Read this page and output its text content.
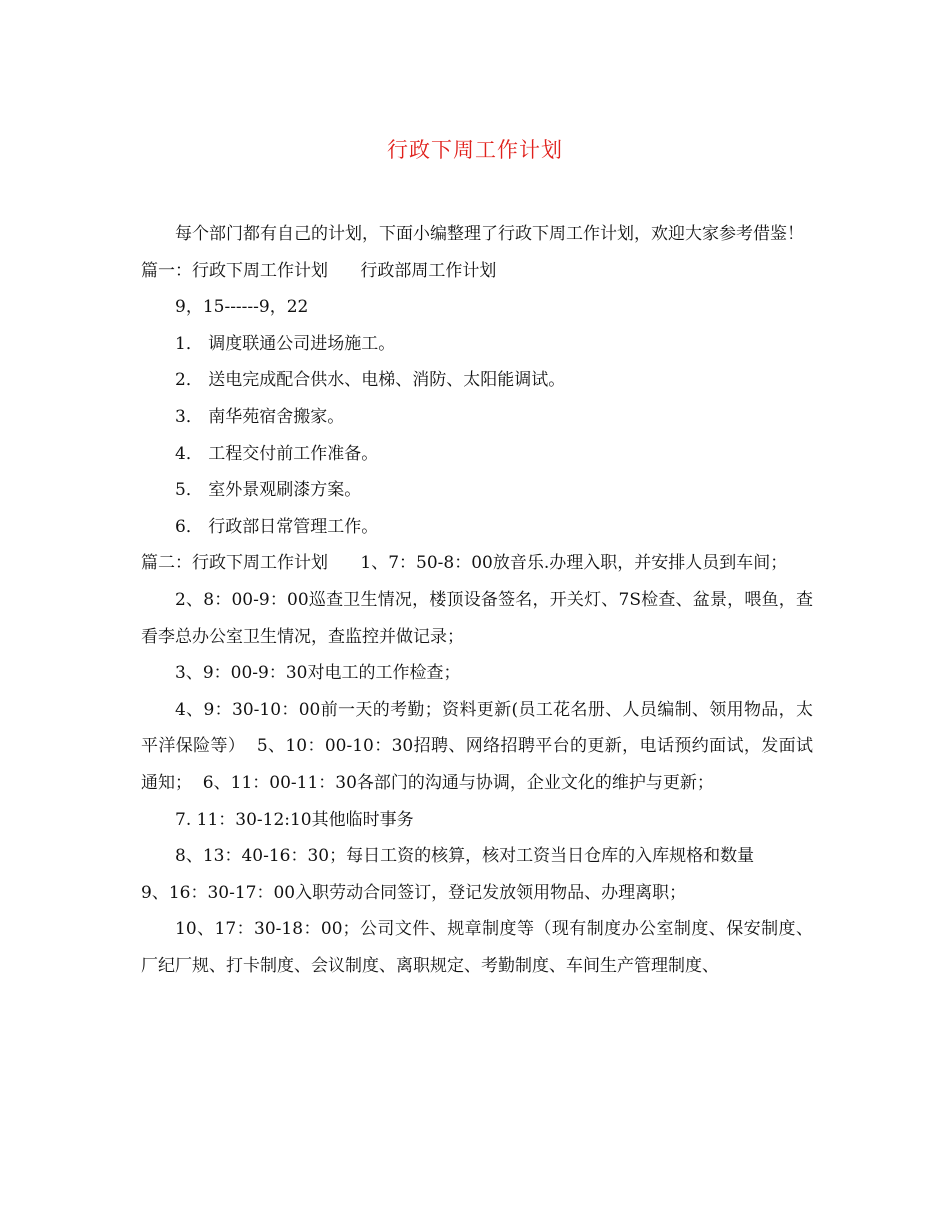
行政下周工作计划

每个部门都有自己的计划，下面小编整理了行政下周工作计划，欢迎大家参考借鉴！

篇一：行政下周工作计划      行政部周工作计划

9，15------9，22

1． 调度联通公司进场施工。

2． 送电完成配合供水、电梯、消防、太阳能调试。

3． 南华苑宿舍搬家。

4． 工程交付前工作准备。

5． 室外景观刷漆方案。

6． 行政部日常管理工作。

篇二：行政下周工作计划      1、7：50-8：00放音乐.办理入职，并安排人员到车间；

2、8：00-9：00巡查卫生情况，楼顶设备签名，开关灯、7S检查、盆景，喂鱼，查看李总办公室卫生情况，查监控并做记录；

3、9：00-9：30对电工的工作检查；

4、9：30-10：00前一天的考勤；资料更新(员工花名册、人员编制、领用物品，太平洋保险等）  5、10：00-10：30招聘、网络招聘平台的更新，电话预约面试，发面试通知；  6、11：00-11：30各部门的沟通与协调，企业文化的维护与更新；

7. 11：30-12:10其他临时事务

8、13：40-16：30；每日工资的核算，核对工资当日仓库的入库规格和数量

9、16：30-17：00入职劳动合同签订，登记发放领用物品、办理离职；

10、17：30-18：00；公司文件、规章制度等（现有制度办公室制度、保安制度、厂纪厂规、打卡制度、会议制度、离职规定、考勤制度、车间生产管理制度、
